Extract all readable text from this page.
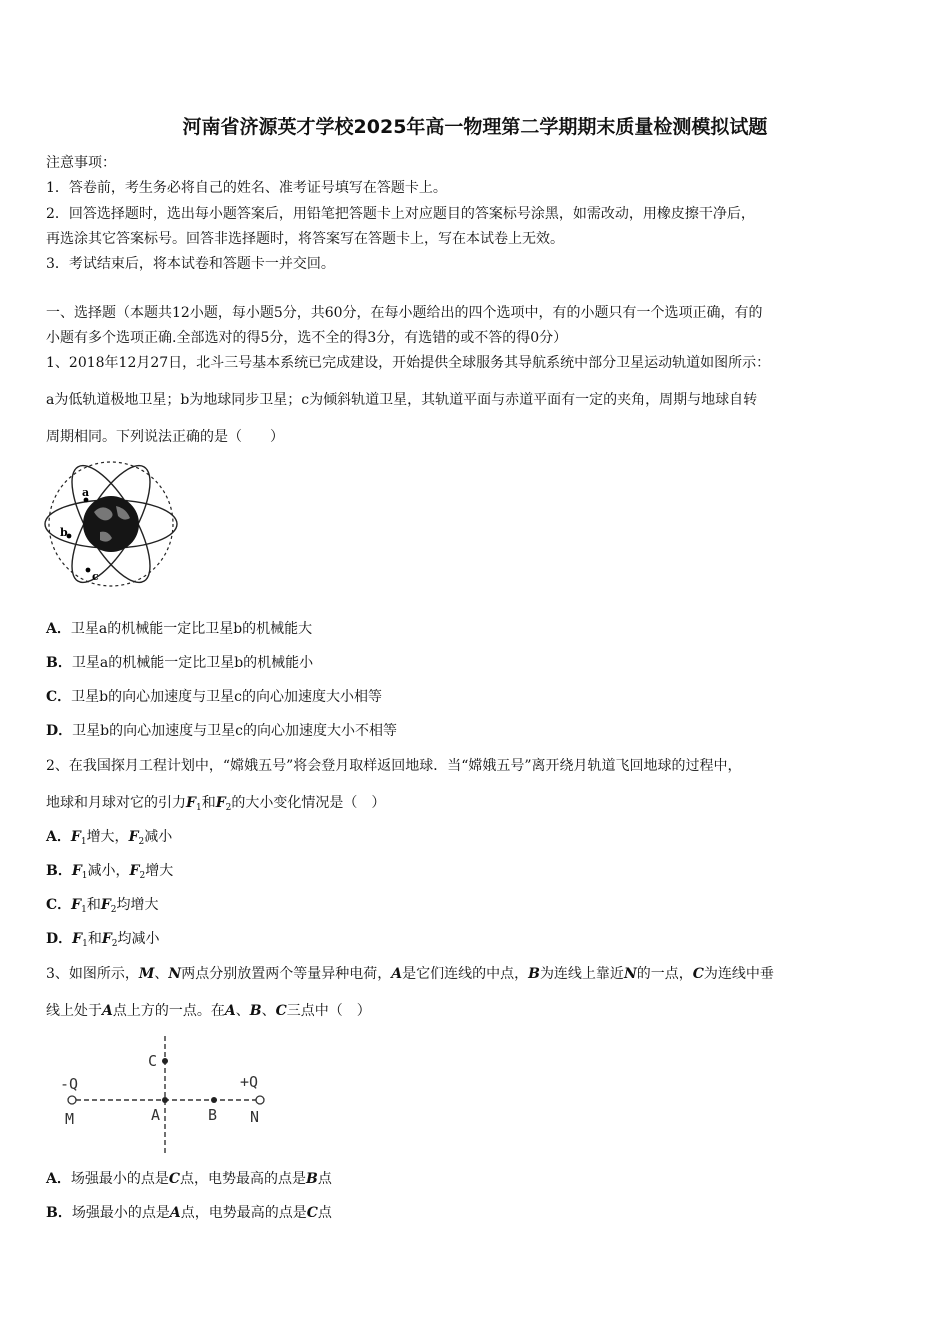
河南省济源英才学校2025年高一物理第二学期期末质量检测模拟试题
注意事项：
1．答卷前，考生务必将自己的姓名、准考证号填写在答题卡上。
2．回答选择题时，选出每小题答案后，用铅笔把答题卡上对应题目的答案标号涂黑，如需改动，用橡皮擦干净后，
再选涂其它答案标号。回答非选择题时，将答案写在答题卡上，写在本试卷上无效。
3．考试结束后，将本试卷和答题卡一并交回。
一、选择题（本题共12小题，每小题5分，共60分，在每小题给出的四个选项中，有的小题只有一个选项正确，有的
小题有多个选项正确.全部选对的得5分，选不全的得3分，有选错的或不答的得0分）
1、2018年12月27日，北斗三号基本系统已完成建设，开始提供全球服务其导航系统中部分卫星运动轨道如图所示：
a为低轨道极地卫星；b为地球同步卫星；c为倾斜轨道卫星，其轨道平面与赤道平面有一定的夹角，周期与地球自转
周期相同。下列说法正确的是（　　）
a
b
c
A．卫星a的机械能一定比卫星b的机械能大
B．卫星a的机械能一定比卫星b的机械能小
C．卫星b的向心加速度与卫星c的向心加速度大小相等
D．卫星b的向心加速度与卫星c的向心加速度大小不相等
2、在我国探月工程计划中，“嫦娥五号”将会登月取样返回地球．当“嫦娥五号”离开绕月轨道飞回地球的过程中，
地球和月球对它的引力$F_1$和$F_2$的大小变化情况是（　）
A．$F_1$增大，$F_2$减小
B．$F_1$减小，$F_2$增大
C．$F_1$和$F_2$均增大
D．$F_1$和$F_2$均减小
3、如图所示，M、N两点分别放置两个等量异种电荷，A是它们连线的中点，B为连线上靠近N的一点，C为连线中垂
线上处于A点上方的一点。在A、B、C三点中（　）
-Q	+Q
M	N
A	B
C
A．场强最小的点是C点，电势最高的点是B点
B．场强最小的点是A点，电势最高的点是C点
